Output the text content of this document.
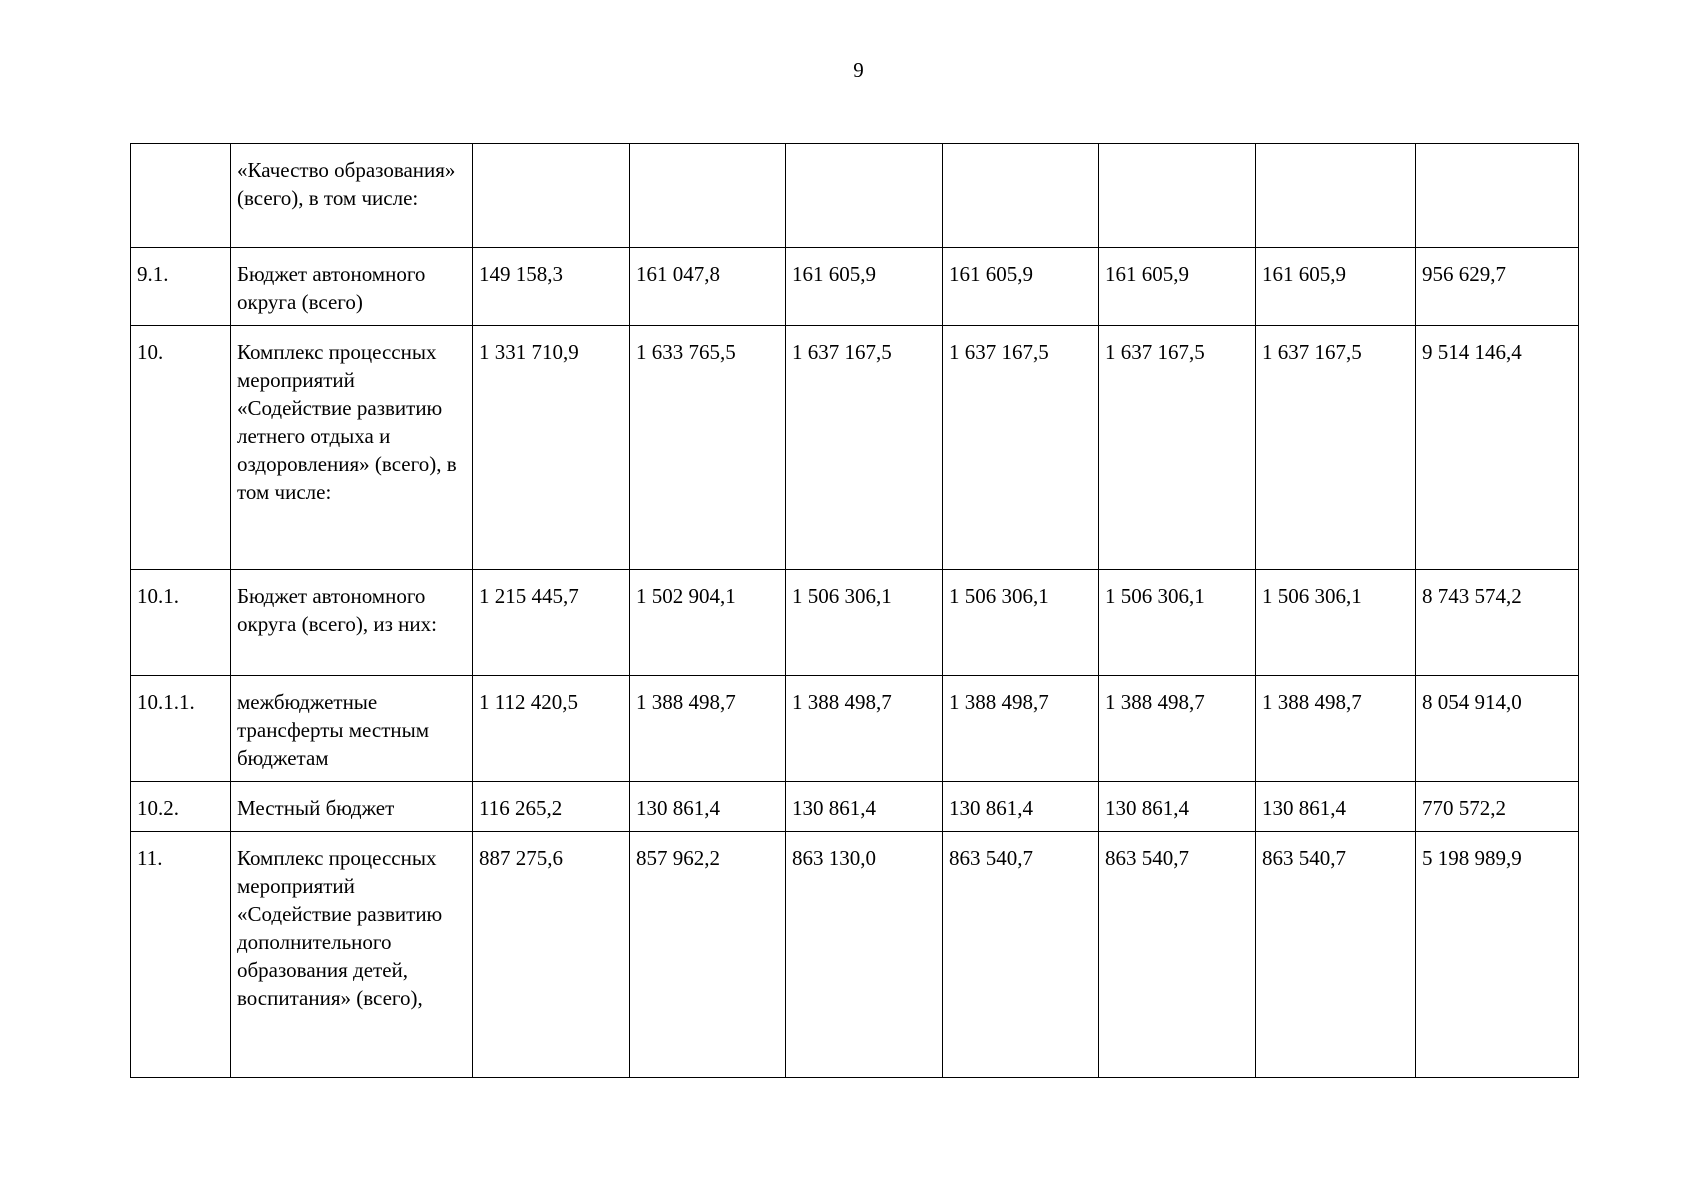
9
	«Качество образования» (всего), в том числе:							
9.1.	Бюджет автономного округа (всего)	149 158,3	161 047,8	161 605,9	161 605,9	161 605,9	161 605,9	956 629,7
10.	Комплекс процессных мероприятий «Содействие развитию летнего отдыха и оздоровления» (всего), в том числе:	1 331 710,9	1 633 765,5	1 637 167,5	1 637 167,5	1 637 167,5	1 637 167,5	9 514 146,4
10.1.	Бюджет автономного округа (всего), из них:	1 215 445,7	1 502 904,1	1 506 306,1	1 506 306,1	1 506 306,1	1 506 306,1	8 743 574,2
10.1.1.	межбюджетные трансферты местным бюджетам	1 112 420,5	1 388 498,7	1 388 498,7	1 388 498,7	1 388 498,7	1 388 498,7	8 054 914,0
10.2.	Местный бюджет	116 265,2	130 861,4	130 861,4	130 861,4	130 861,4	130 861,4	770 572,2
11.	Комплекс процессных мероприятий «Содействие развитию дополнительного образования детей, воспитания» (всего),	887 275,6	857 962,2	863 130,0	863 540,7	863 540,7	863 540,7	5 198 989,9
